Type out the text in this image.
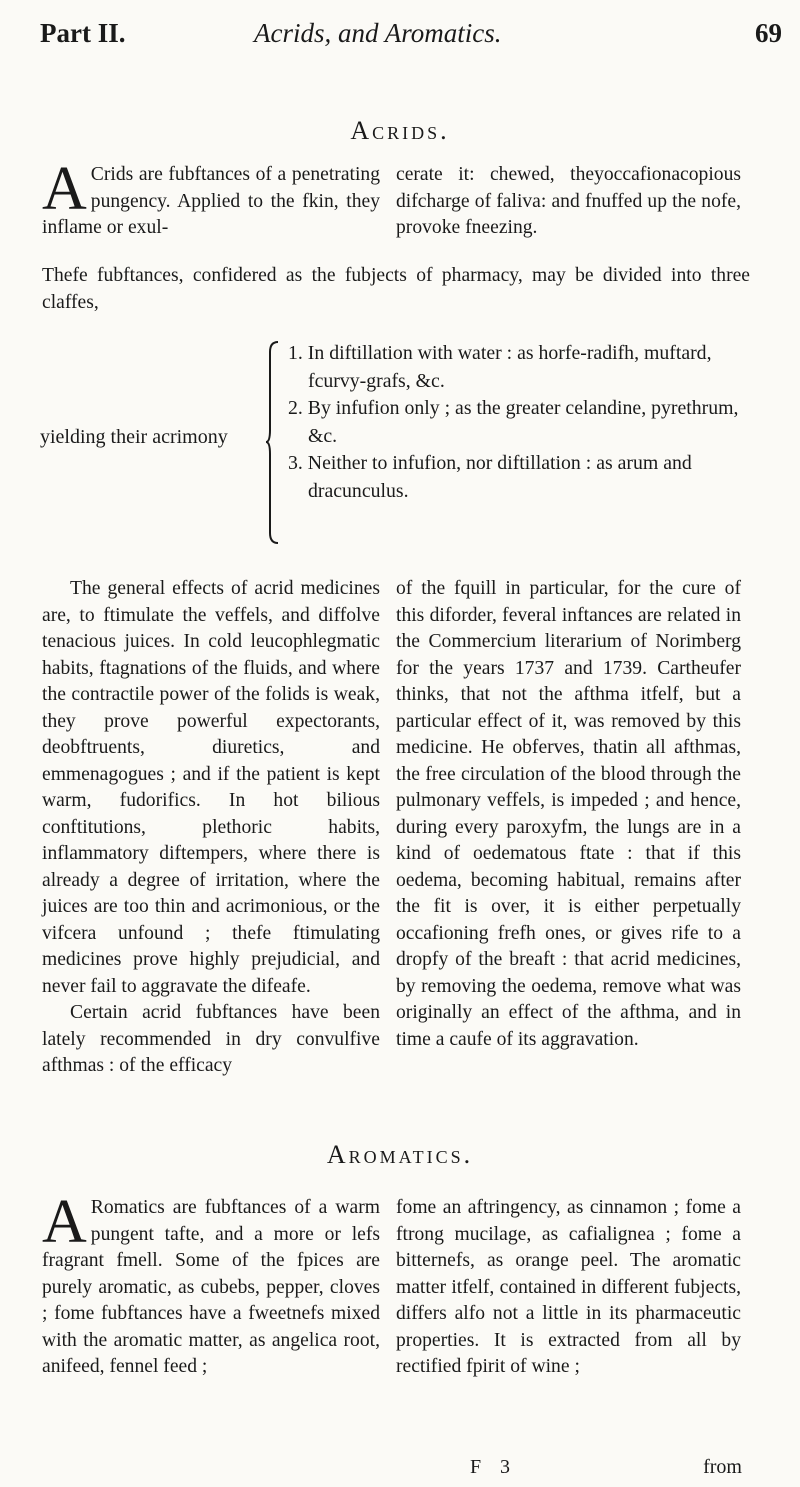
Part II.	Acrids, and Aromatics.	69
Acrids.
A Crids are fubftances of a penetrating pungency. Applied to the fkin, they inflame or exul-
cerate it: chewed, theyoccafionacopious difcharge of faliva: and fnuffed up the nofe, provoke fneezing.
Thefe fubftances, confidered as the fubjects of pharmacy, may be divided into three claffes,
yielding their acrimony

1. In diftillation with water : as horfe-radifh, muftard, fcurvy-grafs, &c.

2. By infufion only ; as the greater celandine, pyrethrum, &c.

3. Neither to infufion, nor diftillation : as arum and dracunculus.

The general effects of acrid medicines are, to ftimulate the veffels, and diffolve tenacious juices. In cold leucophlegmatic habits, ftagnations of the fluids, and where the contractile power of the folids is weak, they prove powerful expectorants, deobftruents, diuretics, and emmenagogues ; and if the patient is kept warm, fudorifics. In hot bilious conftitutions, plethoric habits, inflammatory diftempers, where there is already a degree of irritation, where the juices are too thin and acrimonious, or the vifcera unfound ; thefe ftimulating medicines prove highly prejudicial, and never fail to aggravate the difeafe.
Certain acrid fubftances have been lately recommended in dry convulfive afthmas : of the efficacy
of the fquill in particular, for the cure of this diforder, feveral inftances are related in the Commercium literarium of Norimberg for the years 1737 and 1739. Cartheufer thinks, that not the afthma itfelf, but a particular effect of it, was removed by this medicine. He obferves, thatin all afthmas, the free circulation of the blood through the pulmonary veffels, is impeded ; and hence, during every paroxyfm, the lungs are in a kind of oedematous ftate : that if this oedema, becoming habitual, remains after the fit is over, it is either perpetually occafioning frefh ones, or gives rife to a dropfy of the breaft : that acrid medicines, by removing the oedema, remove what was originally an effect of the afthma, and in time a caufe of its aggravation.
Aromatics.
A Romatics are fubftances of a warm pungent tafte, and a more or lefs fragrant fmell. Some of the fpices are purely aromatic, as cubebs, pepper, cloves ; fome fubftances have a fweetnefs mixed with the aromatic matter, as angelica root, anifeed, fennel feed ;
fome an aftringency, as cinnamon ; fome a ftrong mucilage, as cafialignea ; fome a bitternefs, as orange peel. The aromatic matter itfelf, contained in different fubjects, differs alfo not a little in its pharmaceutic properties. It is extracted from all by rectified fpirit of wine ;
F 3	from
